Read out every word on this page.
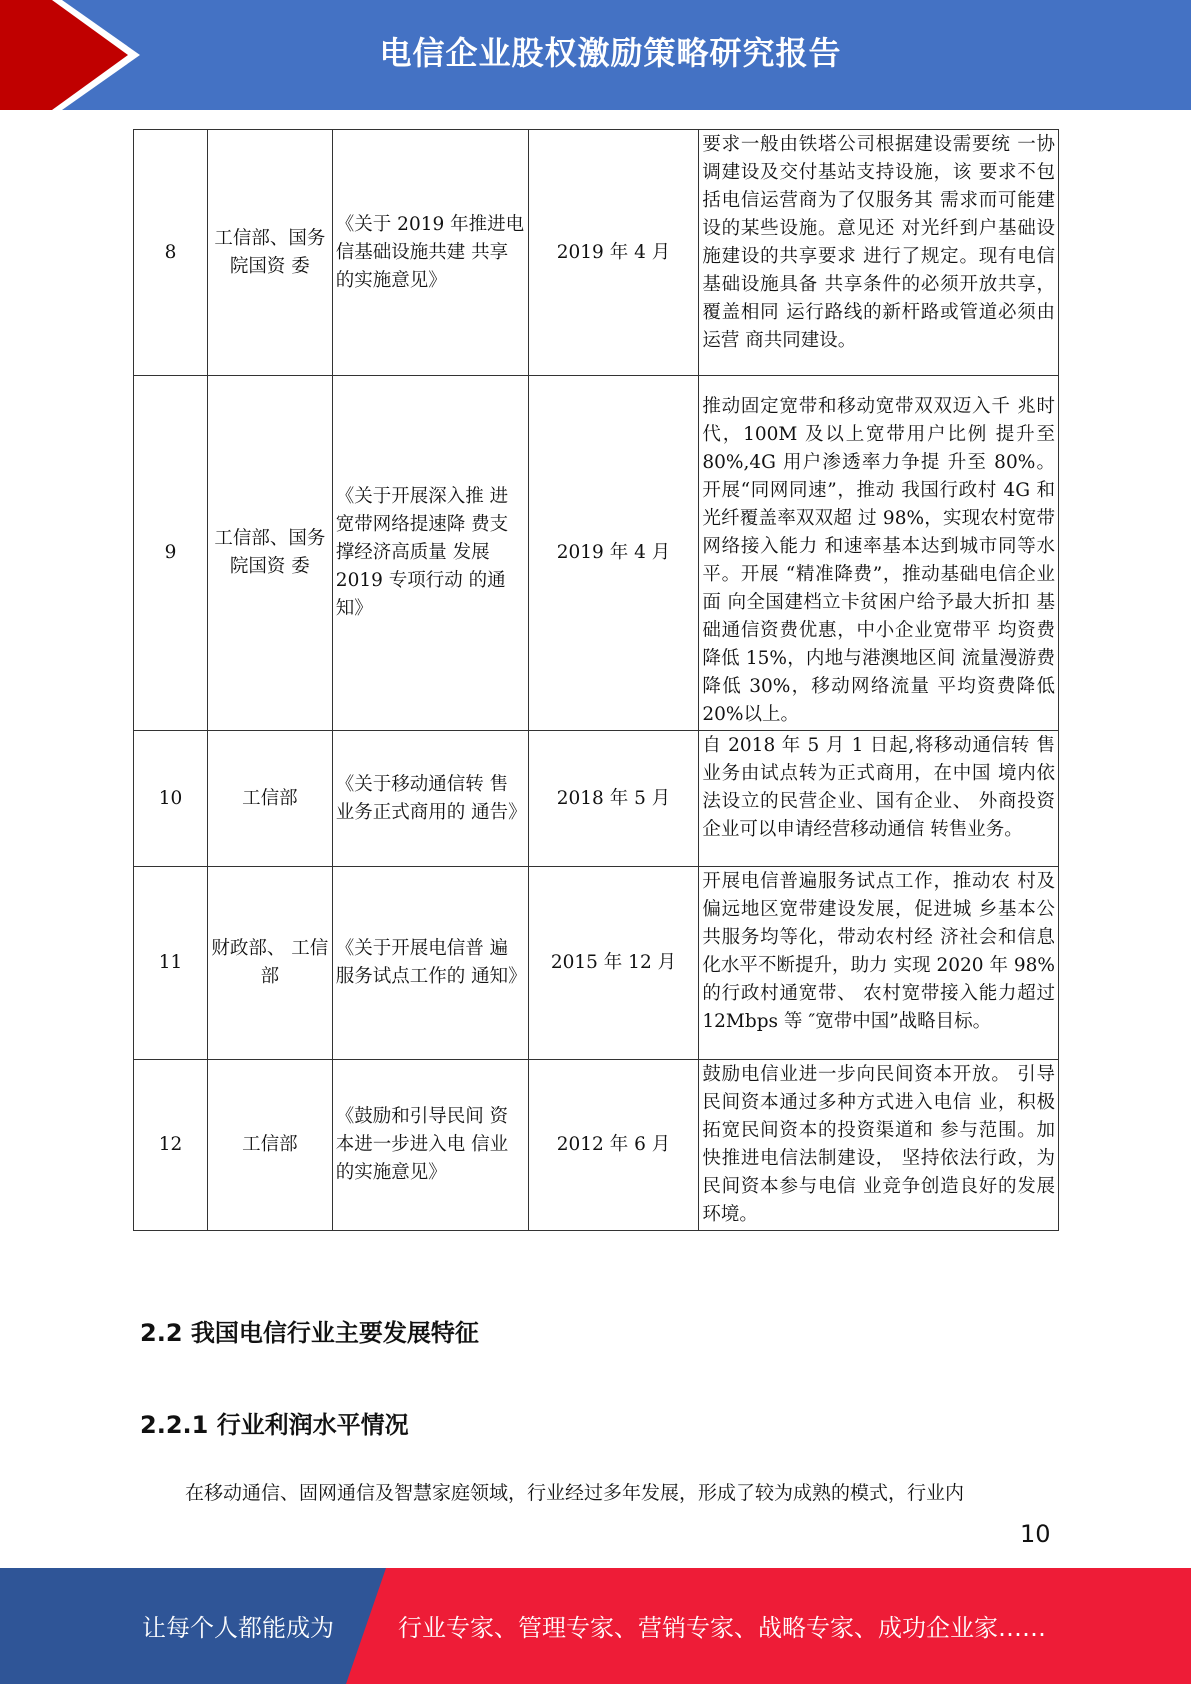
电信企业股权激励策略研究报告
8	工信部、国务院国资 委	《关于 2019 年推进电信基础设施共建 共享的实施意见》	2019 年 4 月	要求一般由铁塔公司根据建设需要统 一协调建设及交付基站支持设施，该 要求不包括电信运营商为了仅服务其 需求而可能建设的某些设施。意见还 对光纤到户基础设施建设的共享要求 进行了规定。现有电信基础设施具备 共享条件的必须开放共享，覆盖相同 运行路线的新杆路或管道必须由运营 商共同建设。
9	工信部、国务院国资 委	《关于开展深入推 进宽带网络提速降 费支撑经济高质量 发展 2019 专项行动 的通知》	2019 年 4 月	推动固定宽带和移动宽带双双迈入千 兆时代，100M 及以上宽带用户比例 提升至 80%,4G 用户渗透率力争提 升至 80%。开展“同网同速”，推动 我国行政村 4G 和光纤覆盖率双双超 过 98%，实现农村宽带网络接入能力 和速率基本达到城市同等水平。开展 “精准降费”，推动基础电信企业面 向全国建档立卡贫困户给予最大折扣 基础通信资费优惠，中小企业宽带平 均资费降低 15%，内地与港澳地区间 流量漫游费降低 30%，移动网络流量 平均资费降低 20%以上。
10	工信部	《关于移动通信转 售业务正式商用的 通告》	2018 年 5 月	自 2018 年 5 月 1 日起,将移动通信转 售业务由试点转为正式商用，在中国 境内依法设立的民营企业、国有企业、 外商投资企业可以申请经营移动通信 转售业务。
11	财政部、 工信部	《关于开展电信普 遍服务试点工作的 通知》	2015 年 12 月	开展电信普遍服务试点工作，推动农 村及偏远地区宽带建设发展，促进城 乡基本公共服务均等化，带动农村经 济社会和信息化水平不断提升，助力 实现 2020 年 98%的行政村通宽带、 农村宽带接入能力超过 12Mbps 等 ″宽带中国”战略目标。
12	工信部	《鼓励和引导民间 资本进一步进入电 信业的实施意见》	2012 年 6 月	鼓励电信业进一步向民间资本开放。 引导民间资本通过多种方式进入电信 业，积极拓宽民间资本的投资渠道和 参与范围。加快推进电信法制建设， 坚持依法行政，为民间资本参与电信 业竞争创造良好的发展环境。
2.2 我国电信行业主要发展特征
2.2.1 行业利润水平情况
在移动通信、固网通信及智慧家庭领域，行业经过多年发展，形成了较为成熟的模式，行业内
10
让每个人都能成为	行业专家、管理专家、营销专家、战略专家、成功企业家……
